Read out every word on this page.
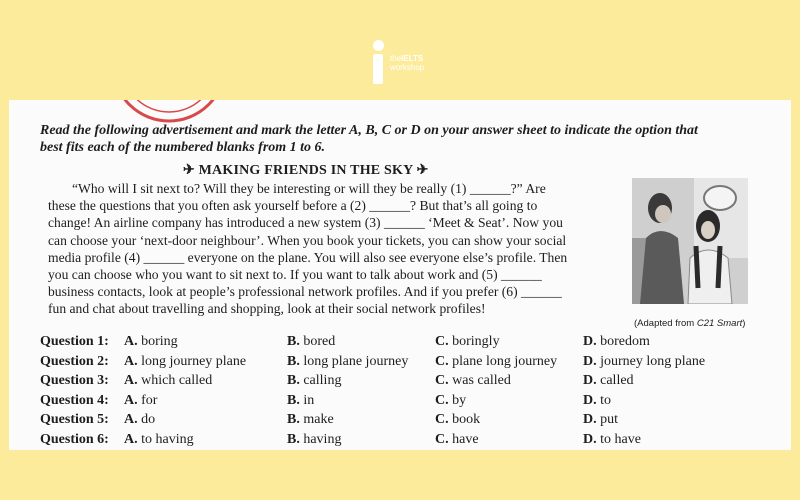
theIELTS
workshop
Read the following advertisement and mark the letter A, B, C or D on your answer sheet to indicate the option that
best fits each of the numbered blanks from 1 to 6.
✈ MAKING FRIENDS IN THE SKY ✈
“Who will I sit next to? Will they be interesting or will they be really (1) ______?” Are
these the questions that you often ask yourself before a (2) ______? But that’s all going to
change! An airline company has introduced a new system (3) ______ ‘Meet & Seat’. Now you
can choose your ‘next-door neighbour’. When you book your tickets, you can show your social
media profile (4) ______ everyone on the plane. You will also see everyone else’s profile. Then
you can choose who you want to sit next to. If you want to talk about work and (5) ______
business contacts, look at people’s professional network profiles. And if you prefer (6) ______
fun and chat about travelling and shopping, look at their social network profiles!
(Adapted from C21 Smart)
Question 1: A. boring	B. bored	C. boringly	D. boredom
Question 2: A. long journey plane	B. long plane journey C. plane long journey D. journey long plane
Question 3: A. which called	B. calling	C. was called	D. called
Question 4: A. for	B. in	C. by	D. to
Question 5: A. do	B. make	C. book	D. put
Question 6: A. to having	B. having	C. have	D. to have
